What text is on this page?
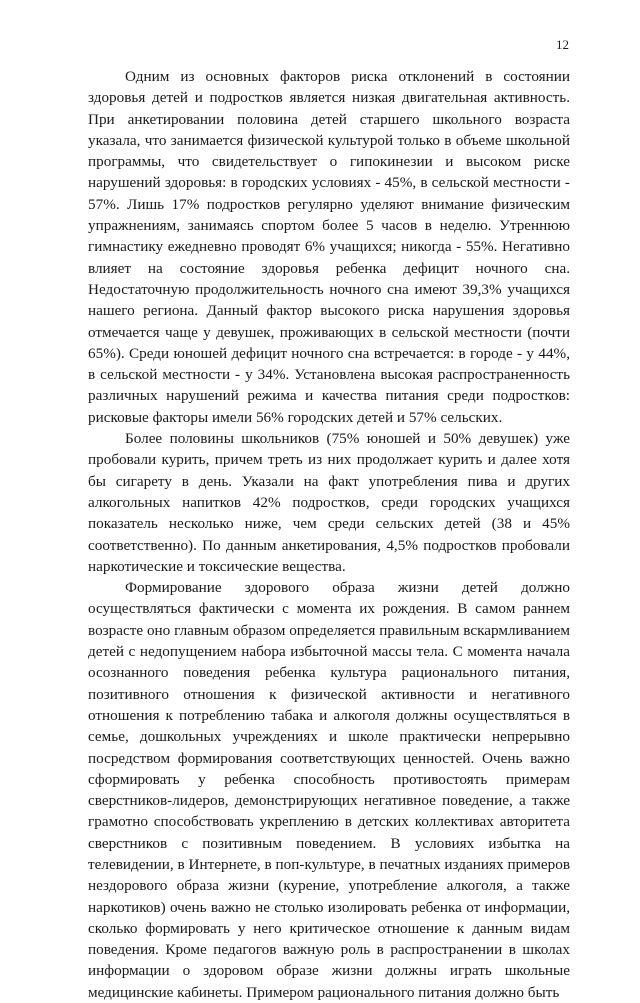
12

Одним из основных факторов риска отклонений в состоянии здоровья детей и подростков является низкая двигательная активность. При анкетировании половина детей старшего школьного возраста указала, что занимается физической культурой только в объеме школьной программы, что свидетельствует о гипокинезии и высоком риске нарушений здоровья: в городских условиях - 45%, в сельской местности - 57%. Лишь 17% подростков регулярно уделяют внимание физическим упражнениям, занимаясь спортом более 5 часов в неделю. Утреннюю гимнастику ежедневно проводят 6% учащихся; никогда - 55%. Негативно влияет на состояние здоровья ребенка дефицит ночного сна. Недостаточную продолжительность ночного сна имеют 39,3% учащихся нашего региона. Данный фактор высокого риска нарушения здоровья отмечается чаще у девушек, проживающих в сельской местности (почти 65%). Среди юношей дефицит ночного сна встречается: в городе - у 44%, в сельской местности - у 34%. Установлена высокая распространенность различных нарушений режима и качества питания среди подростков: рисковые факторы имели 56% городских детей и 57% сельских.

Более половины школьников (75% юношей и 50% девушек) уже пробовали курить, причем треть из них продолжает курить и далее хотя бы сигарету в день. Указали на факт употребления пива и других алкогольных напитков 42% подростков, среди городских учащихся показатель несколько ниже, чем среди сельских детей (38 и 45% соответственно). По данным анкетирования, 4,5% подростков пробовали наркотические и токсические вещества.

Формирование здорового образа жизни детей должно осуществляться фактически с момента их рождения. В самом раннем возрасте оно главным образом определяется правильным вскармливанием детей с недопущением набора избыточной массы тела. С момента начала осознанного поведения ребенка культура рационального питания, позитивного отношения к физической активности и негативного отношения к потреблению табака и алкоголя должны осуществляться в семье, дошкольных учреждениях и школе практически непрерывно посредством формирования соответствующих ценностей. Очень важно сформировать у ребенка способность противостоять примерам сверстников-лидеров, демонстрирующих негативное поведение, а также грамотно способствовать укреплению в детских коллективах авторитета сверстников с позитивным поведением. В условиях избытка на телевидении, в Интернете, в поп-культуре, в печатных изданиях примеров нездорового образа жизни (курение, употребление алкоголя, а также наркотиков) очень важно не столько изолировать ребенка от информации, сколько формировать у него критическое отношение к данным видам поведения. Кроме педагогов важную роль в распространении в школах информации о здоровом образе жизни должны играть школьные медицинские кабинеты. Примером рационального питания должно быть
